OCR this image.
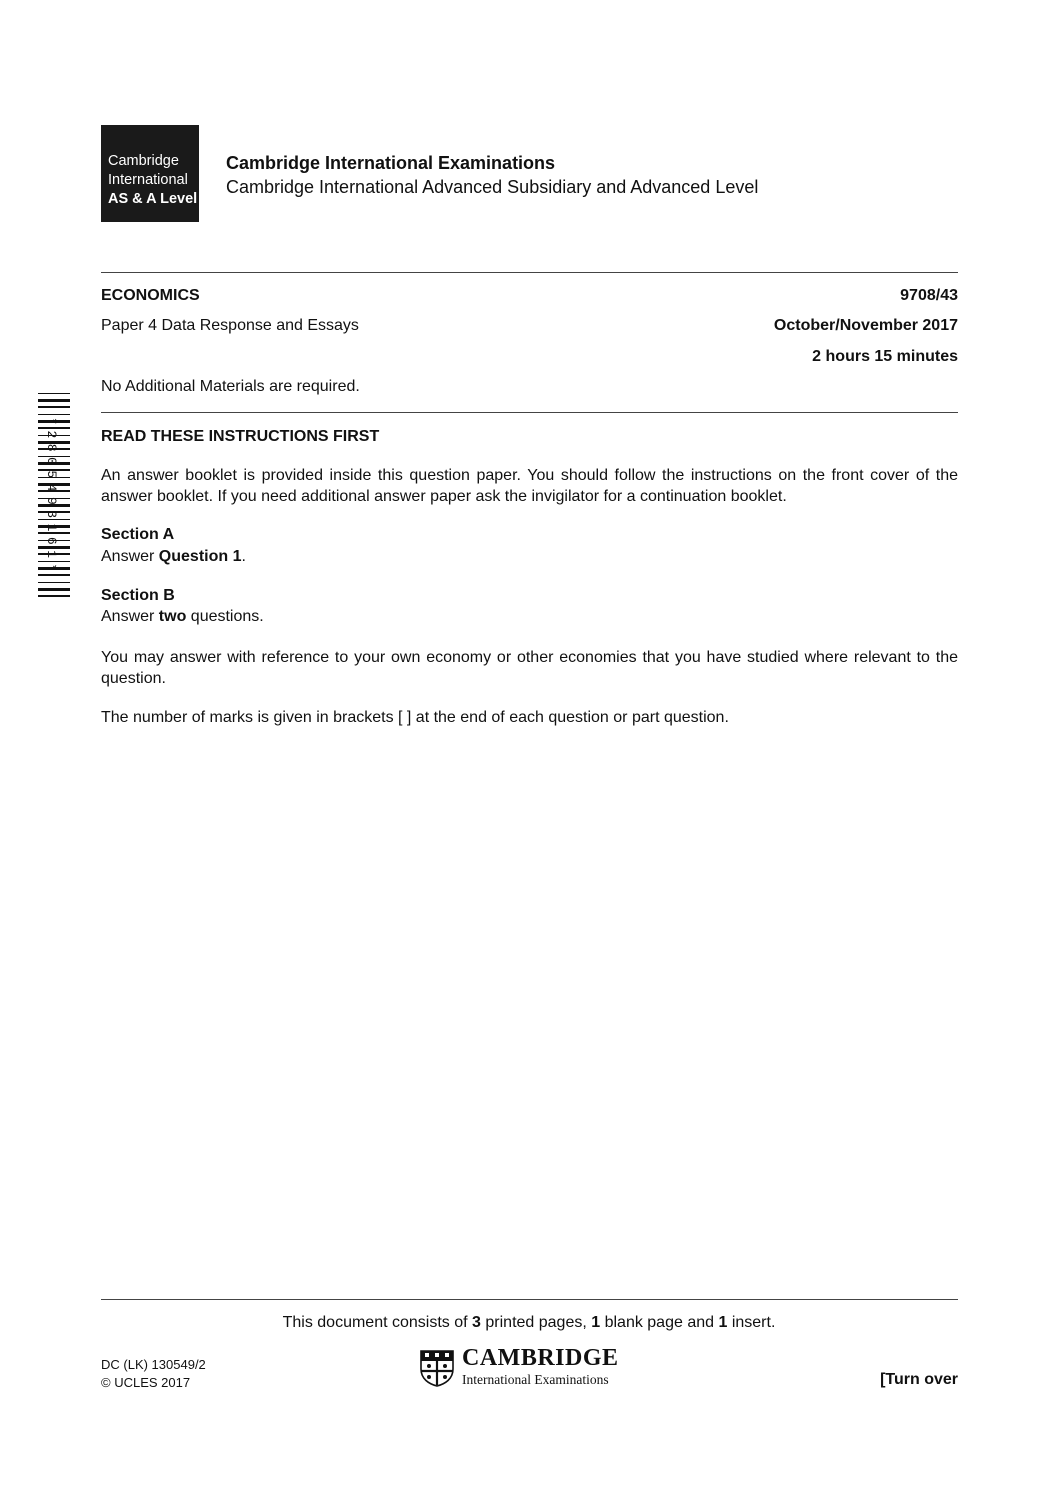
Cambridge
International
AS & A Level
Cambridge International Examinations
Cambridge International Advanced Subsidiary and Advanced Level
ECONOMICS	9708/43
Paper 4 Data Response and Essays	October/November 2017
2 hours 15 minutes
No Additional Materials are required.
*2805493161*	READ THESE INSTRUCTIONS FIRST
An answer booklet is provided inside this question paper. You should follow the instructions on the front cover of the answer booklet. If you need additional answer paper ask the invigilator for a continuation booklet.
Section A
Answer Question 1.
Section B
Answer two questions.
You may answer with reference to your own economy or other economies that you have studied where relevant to the question.
The number of marks is given in brackets [ ] at the end of each question or part question.
This document consists of 3 printed pages, 1 blank page and 1 insert.
DC (LK) 130549/2
© UCLES 2017
CAMBRIDGE
International Examinations	[Turn over
